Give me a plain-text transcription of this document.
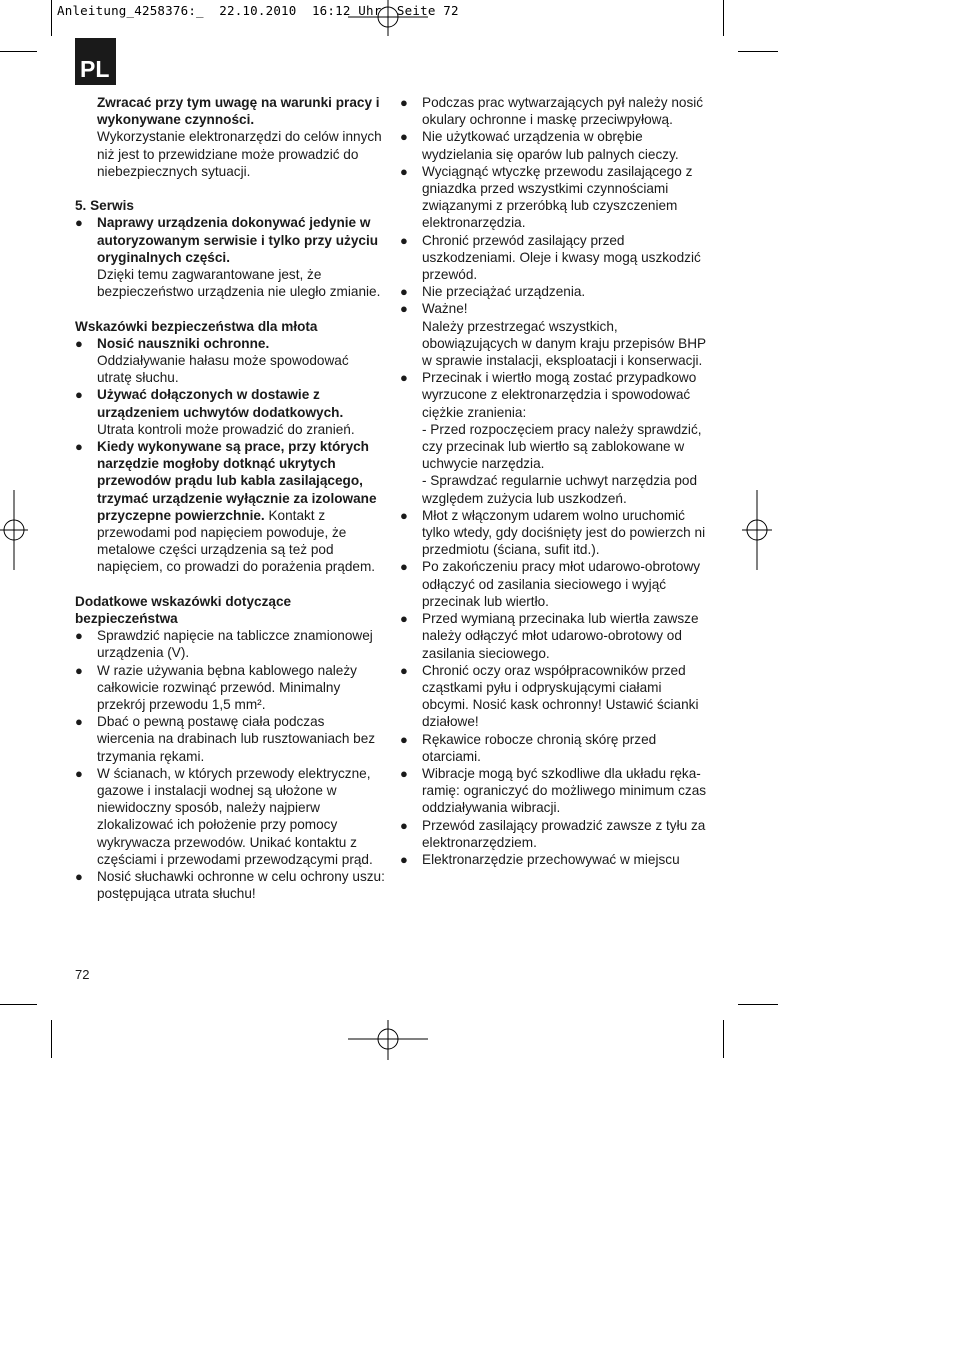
Anleitung_4258376:_  22.10.2010  16:12 Uhr  Seite 72
PL

Zwracać przy tym uwagę na warunki pracy i wykonywane czynności.

Wykorzystanie elektronarzędzi do celów innych niż jest to przewidziane może prowadzić do niebezpiecznych sytuacji.

5. Serwis
● Naprawy urządzenia dokonywać jedynie w autoryzowanym serwisie i tylko przy użyciu oryginalnych części.

Dzięki temu zagwarantowane jest, że bezpieczeństwo urządzenia nie uległo zmianie.

Wskazówki bezpieczeństwa dla młota
● Nosić nauszniki ochronne.

Oddziaływanie hałasu może spowodować utratę słuchu.

● Używać dołączonych w dostawie z urządzeniem uchwytów dodatkowych.

Utrata kontroli może prowadzić do zranień.

● Kiedy wykonywane są prace, przy których narzędzie mogłoby dotknąć ukrytych przewodów prądu lub kabla zasilającego, trzymać urządzenie wyłącznie za izolowane przyczepne powierzchnie. Kontakt z przewodami pod napięciem powoduje, że metalowe części urządzenia są też pod napięciem, co prowadzi do porażenia prądem.

Dodatkowe wskazówki dotyczące bezpieczeństwa
● Sprawdzić napięcie na tabliczce znamionowej urządzenia (V).

● W razie używania bębna kablowego należy całkowicie rozwinąć przewód. Minimalny przekrój przewodu 1,5 mm².

● Dbać o pewną postawę ciała podczas wiercenia na drabinach lub rusztowaniach bez trzymania rękami.

● W ścianach, w których przewody elektryczne, gazowe i instalacji wodnej są ułożone w niewidoczny sposób, należy najpierw zlokalizować ich położenie przy pomocy wykrywacza przewodów. Unikać kontaktu z częściami i przewodami przewodzącymi prąd.

● Nosić słuchawki ochronne w celu ochrony uszu: postępująca utrata słuchu!

● Podczas prac wytwarzających pył należy nosić okulary ochronne i maskę przeciwpyłową.

● Nie użytkować urządzenia w obrębie wydzielania się oparów lub palnych cieczy.

● Wyciągnąć wtyczkę przewodu zasilającego z gniazdka przed wszystkimi czynnościami związanymi z przeróbką lub czyszczeniem elektronarzędzia.

● Chronić przewód zasilający przed uszkodzeniami. Oleje i kwasy mogą uszkodzić przewód.

● Nie przeciążać urządzenia.

● Ważne!
Należy przestrzegać wszystkich, obowiązujących w danym kraju przepisów BHP w sprawie instalacji, eksploatacji i konserwacji.

● Przecinak i wiertło mogą zostać przypadkowo wyrzucone z elektronarzędzia i spowodować ciężkie zranienia:
- Przed rozpoczęciem pracy należy sprawdzić, czy przecinak lub wiertło są zablokowane w uchwycie narzędzia.
- Sprawdzać regularnie uchwyt narzędzia pod względem zużycia lub uszkodzeń.

● Młot z włączonym udarem wolno uruchomić tylko wtedy, gdy dociśnięty jest do powierzch ni przedmiotu (ściana, sufit itd.).

● Po zakończeniu pracy młot udarowo-obrotowy odłączyć od zasilania sieciowego i wyjąć przecinak lub wiertło.

● Przed wymianą przecinaka lub wiertła zawsze należy odłączyć młot udarowo-obrotowy od zasilania sieciowego.

● Chronić oczy oraz współpracowników przed cząstkami pyłu i odpryskującymi ciałami obcymi. Nosić kask ochronny! Ustawić ścianki działowe!

● Rękawice robocze chronią skórę przed otarciami.

● Wibracje mogą być szkodliwe dla układu ręka-ramię: ograniczyć do możliwego minimum czas oddziaływania wibracji.

● Przewód zasilający prowadzić zawsze z tyłu za elektronarzędziem.

● Elektronarzędzie przechowywać w miejscu

72
